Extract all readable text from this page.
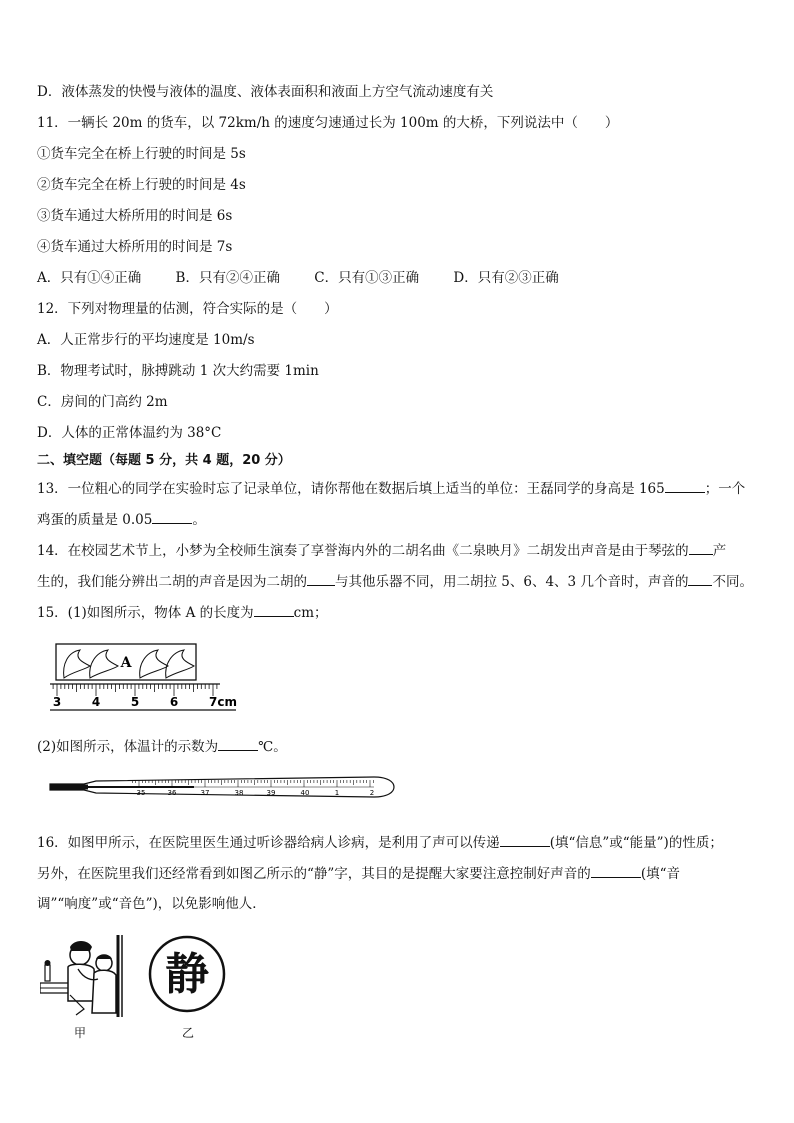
D．液体蒸发的快慢与液体的温度、液体表面积和液面上方空气流动速度有关
11．一辆长 20m 的货车，以 72km/h 的速度匀速通过长为 100m 的大桥，下列说法中（　　）
①货车完全在桥上行驶的时间是 5s
②货车完全在桥上行驶的时间是 4s
③货车通过大桥所用的时间是 6s
④货车通过大桥所用的时间是 7s
A．只有①④正确	B．只有②④正确	C．只有①③正确	D．只有②③正确
12．下列对物理量的估测，符合实际的是（　　）
A．人正常步行的平均速度是 10m/s
B．物理考试时，脉搏跳动 1 次大约需要 1min
C．房间的门高约 2m
D．人体的正常体温约为 38°C
二、填空题（每题 5 分，共 4 题，20 分）
13．一位粗心的同学在实验时忘了记录单位，请你帮他在数据后填上适当的单位：王磊同学的身高是 165	；一个
鸡蛋的质量是 0.05	。
14．在校园艺术节上，小梦为全校师生演奏了享誉海内外的二胡名曲《二泉映月》二胡发出声音是由于琴弦的 产
生的，我们能分辨出二胡的声音是因为二胡的 与其他乐器不同，用二胡拉 5、6、4、3 几个音时，声音的 不同。
15．(1)如图所示，物体 A 的长度为	cm；
A
3	4	5	6	7cm
(2)如图所示，体温计的示数为	℃。
35	36	37	38	39	40	1	2
16．如图甲所示，在医院里医生通过听诊器给病人诊病，是利用了声可以传递	(填“信息”或“能量”)的性质；
另外，在医院里我们还经常看到如图乙所示的“静”字，其目的是提醒大家要注意控制好声音的	(填“音
调”“响度”或“音色”)，以免影响他人．
甲
静
乙
